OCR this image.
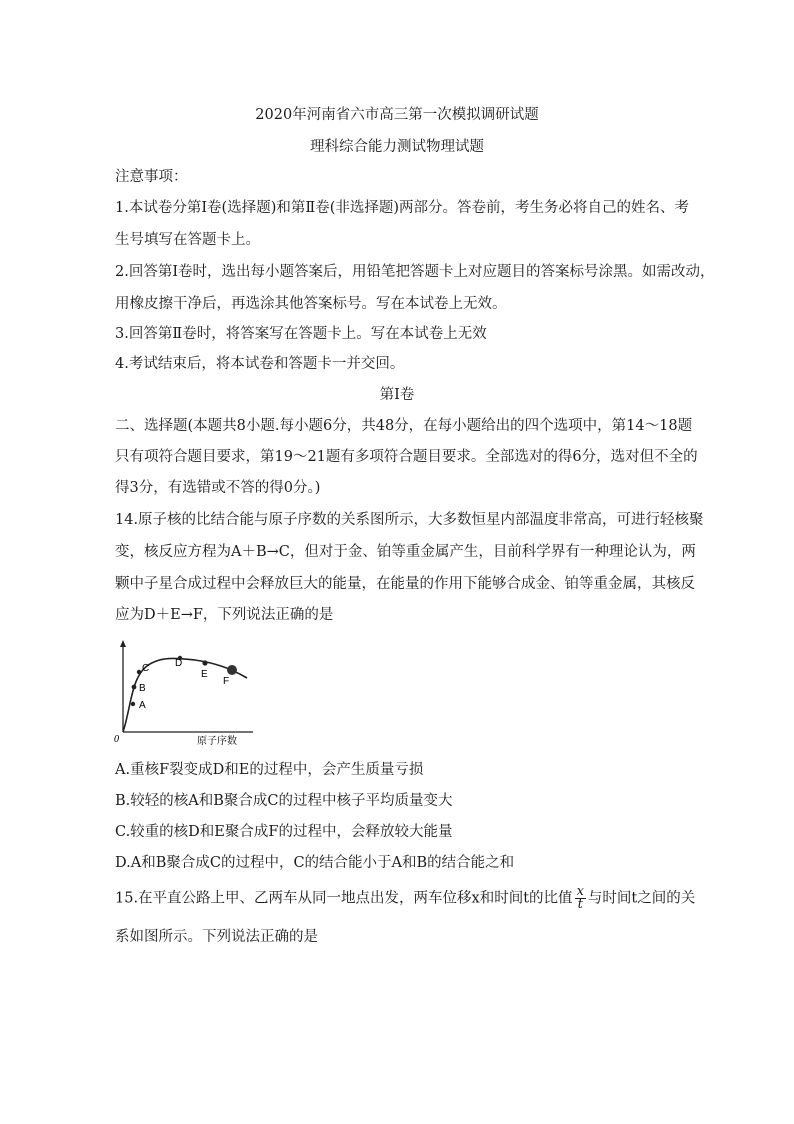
2020年河南省六市高三第一次模拟调研试题
理科综合能力测试物理试题
注意事项：
1.本试卷分第Ⅰ卷(选择题)和第Ⅱ卷(非选择题)两部分。答卷前，考生务必将自己的姓名、考
生号填写在答题卡上。
2.回答第Ⅰ卷时，选出每小题答案后，用铅笔把答题卡上对应题目的答案标号涂黑。如需改动，
用橡皮擦干净后，再选涂其他答案标号。写在本试卷上无效。
3.回答第Ⅱ卷时，将答案写在答题卡上。写在本试卷上无效
4.考试结束后，将本试卷和答题卡一并交回。
第Ⅰ卷
二、选择题(本题共8小题.每小题6分，共48分，在每小题给出的四个选项中，第14～18题
只有项符合题目要求，第19～21题有多项符合题目要求。全部选对的得6分，选对但不全的
得3分，有选错或不答的得0分。)
14.原子核的比结合能与原子序数的关系图所示，大多数恒星内部温度非常高，可进行轻核聚
变，核反应方程为A＋B→C，但对于金、铂等重金属产生，目前科学界有一种理论认为，两
颗中子星合成过程中会释放巨大的能量，在能量的作用下能够合成金、铂等重金属，其核反
应为D＋E→F，下列说法正确的是
0
A
B
C	D
E
F
原子序数
A.重核F裂变成D和E的过程中，会产生质量亏损
B.较轻的核A和B聚合成C的过程中核子平均质量变大
C.较重的核D和E聚合成F的过程中，会释放较大能量
D.A和B聚合成C的过程中，C的结合能小于A和B的结合能之和
15.在平直公路上甲、乙两车从同一地点出发，两车位移x和时间t的比值 $\frac{x}{t}$ 与时间t之间的关
系如图所示。下列说法正确的是
